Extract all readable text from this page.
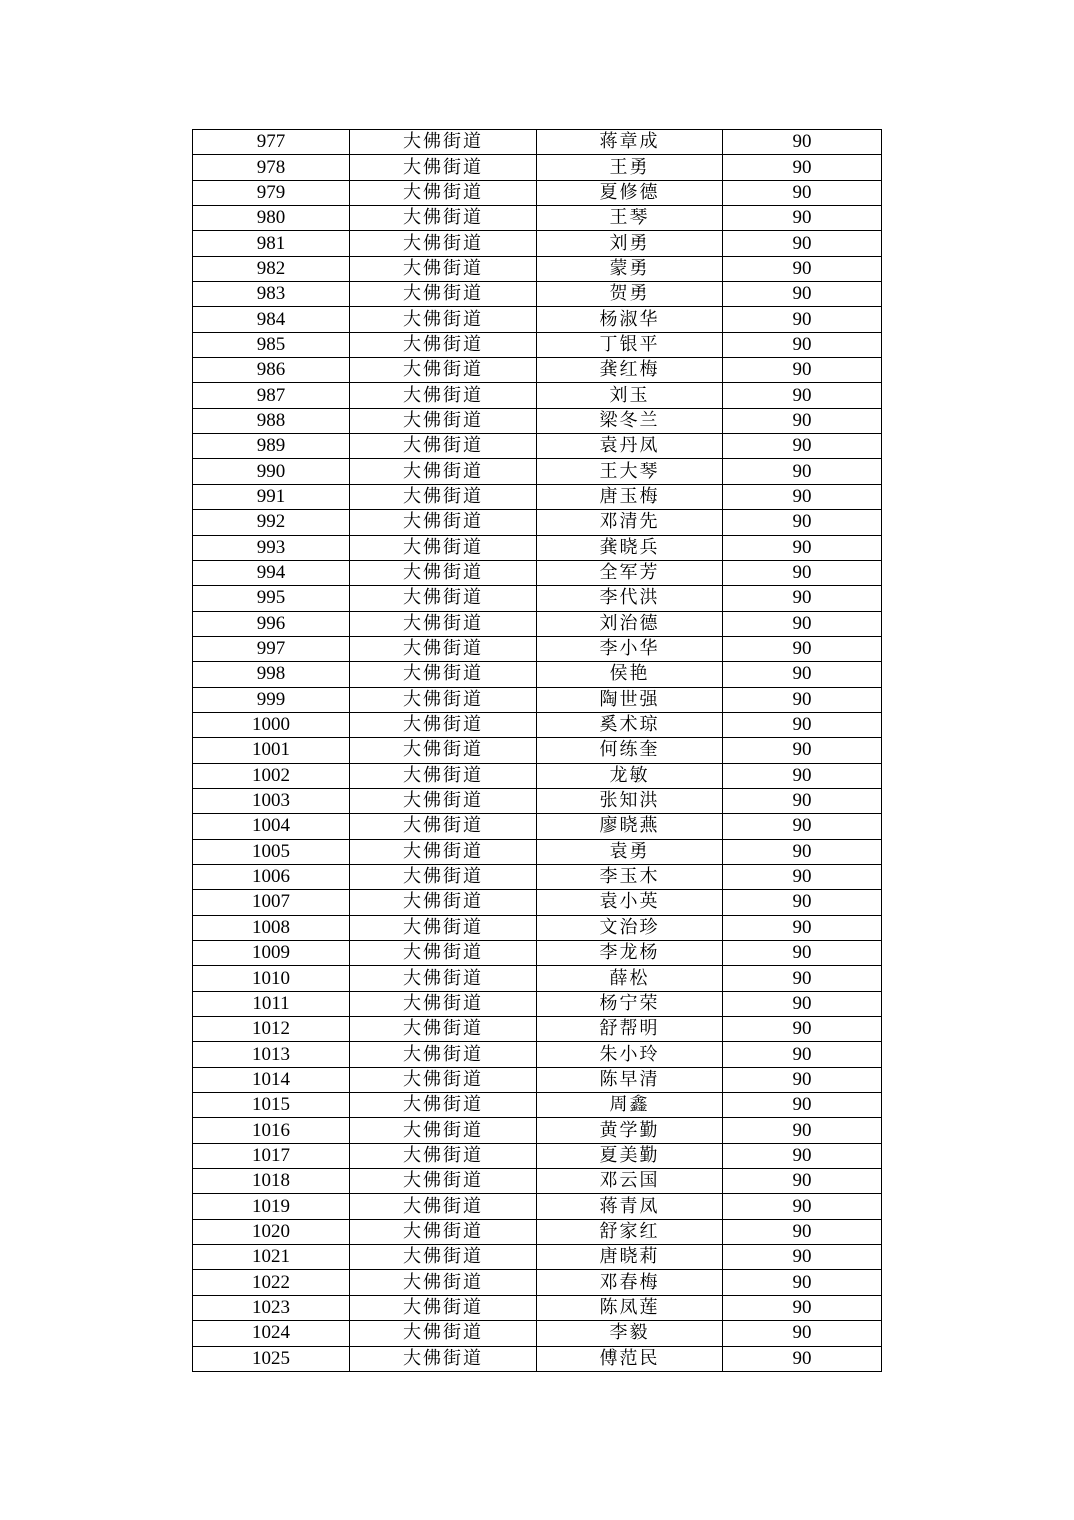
977	大佛街道	蒋章成	90
978	大佛街道	王勇	90
979	大佛街道	夏修德	90
980	大佛街道	王琴	90
981	大佛街道	刘勇	90
982	大佛街道	蒙勇	90
983	大佛街道	贺勇	90
984	大佛街道	杨淑华	90
985	大佛街道	丁银平	90
986	大佛街道	龚红梅	90
987	大佛街道	刘玉	90
988	大佛街道	梁冬兰	90
989	大佛街道	袁丹凤	90
990	大佛街道	王大琴	90
991	大佛街道	唐玉梅	90
992	大佛街道	邓清先	90
993	大佛街道	龚晓兵	90
994	大佛街道	全军芳	90
995	大佛街道	李代洪	90
996	大佛街道	刘治德	90
997	大佛街道	李小华	90
998	大佛街道	侯艳	90
999	大佛街道	陶世强	90
1000	大佛街道	奚术琼	90
1001	大佛街道	何练奎	90
1002	大佛街道	龙敏	90
1003	大佛街道	张知洪	90
1004	大佛街道	廖晓燕	90
1005	大佛街道	袁勇	90
1006	大佛街道	李玉木	90
1007	大佛街道	袁小英	90
1008	大佛街道	文治珍	90
1009	大佛街道	李龙杨	90
1010	大佛街道	薛松	90
1011	大佛街道	杨宁荣	90
1012	大佛街道	舒帮明	90
1013	大佛街道	朱小玲	90
1014	大佛街道	陈早清	90
1015	大佛街道	周鑫	90
1016	大佛街道	黄学勤	90
1017	大佛街道	夏美勤	90
1018	大佛街道	邓云国	90
1019	大佛街道	蒋青凤	90
1020	大佛街道	舒家红	90
1021	大佛街道	唐晓莉	90
1022	大佛街道	邓春梅	90
1023	大佛街道	陈凤莲	90
1024	大佛街道	李毅	90
1025	大佛街道	傅范民	90
